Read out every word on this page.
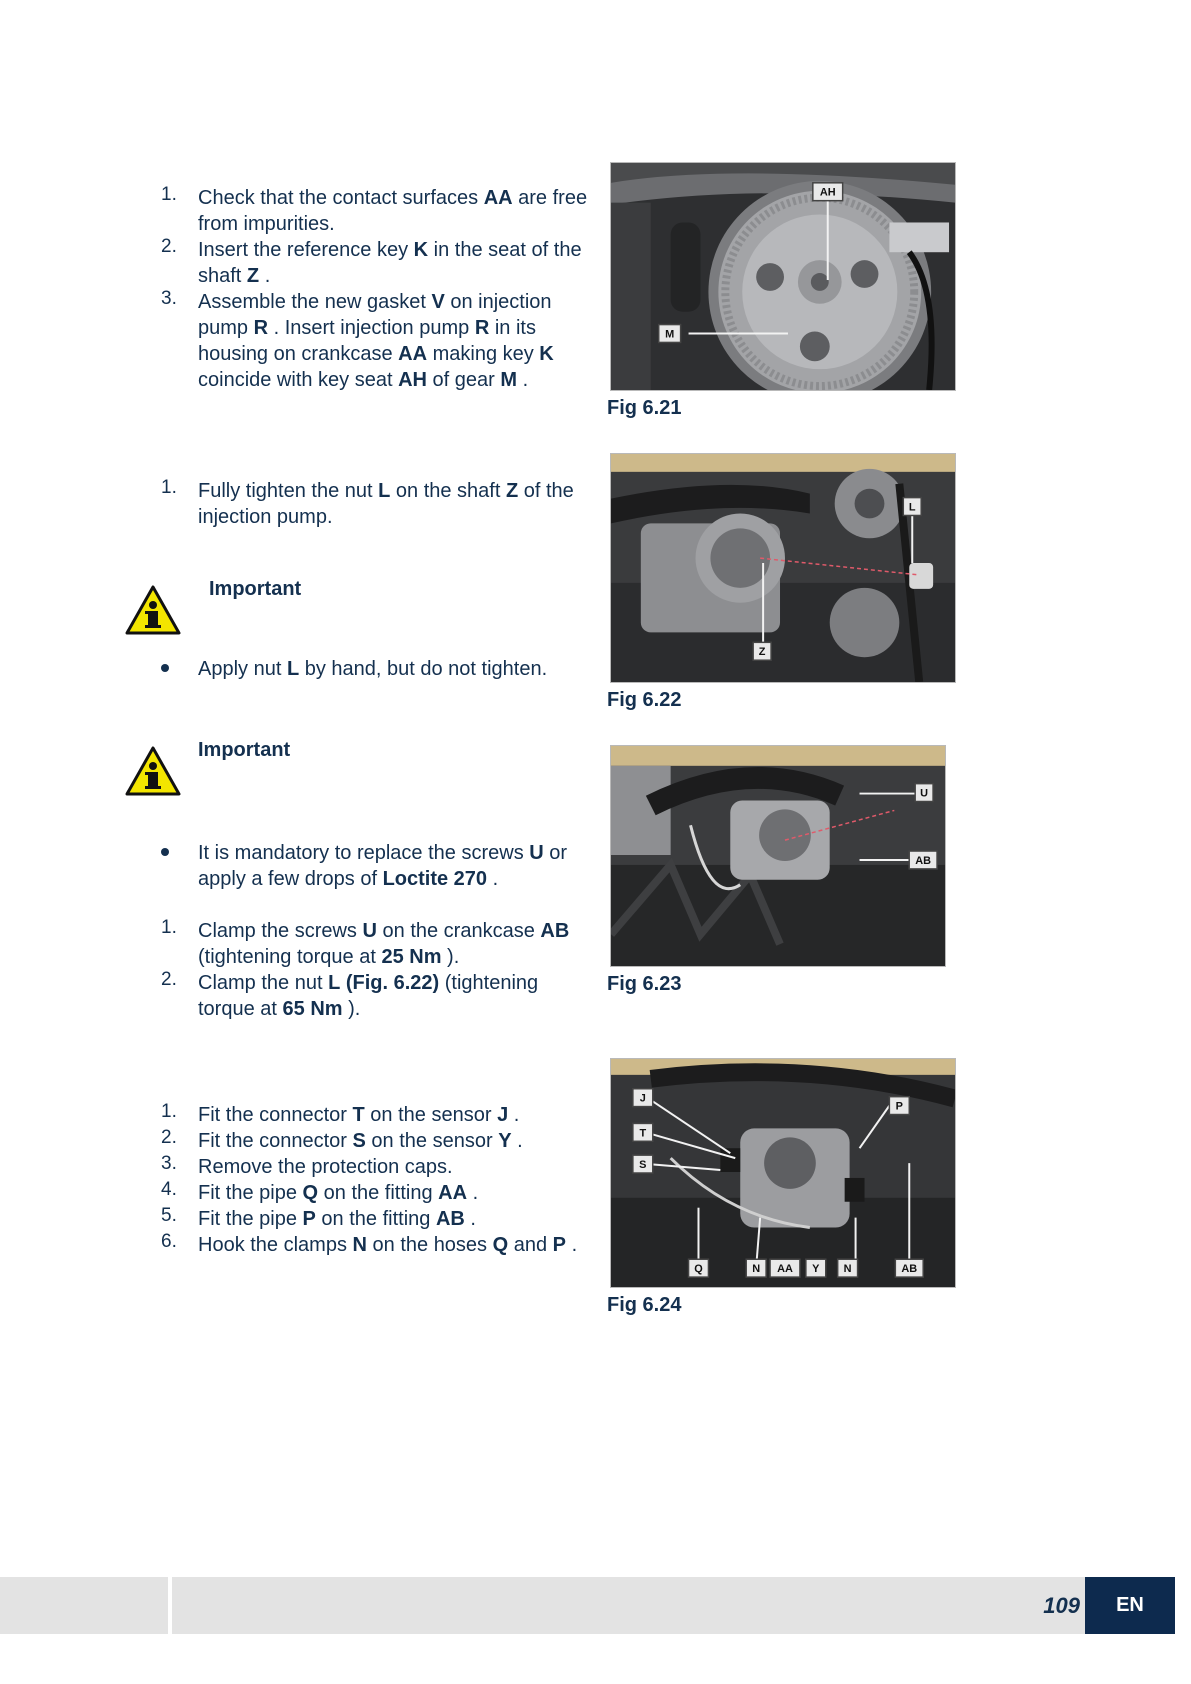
1. Check that the contact surfaces AA are free from impurities.
2. Insert the reference key K in the seat of the shaft Z .
3. Assemble the new gasket V on injection pump R . Insert injection pump R in its housing on crankcase AA making key K coincide with key seat AH of gear M .
1. Fully tighten the nut L on the shaft Z of the injection pump.
Important
Apply nut L by hand, but do not tighten.
Important
It is mandatory to replace the screws U or apply a few drops of Loctite 270 .
1. Clamp the screws U on the crankcase AB (tightening torque at 25 Nm ).
2. Clamp the nut L (Fig. 6.22) (tightening torque at 65 Nm ).
1. Fit the connector T on the sensor J .
2. Fit the connector S on the sensor Y .
3. Remove the protection caps.
4. Fit the pipe Q on the fitting AA .
5. Fit the pipe P on the fitting AB .
6. Hook the clamps N on the hoses Q and P .
AH
M
Fig 6.21
L
Z
Fig 6.22
U
AB
Fig 6.23
J
T
S
P
Q	N AA Y N	AB
Fig 6.24
109	EN
